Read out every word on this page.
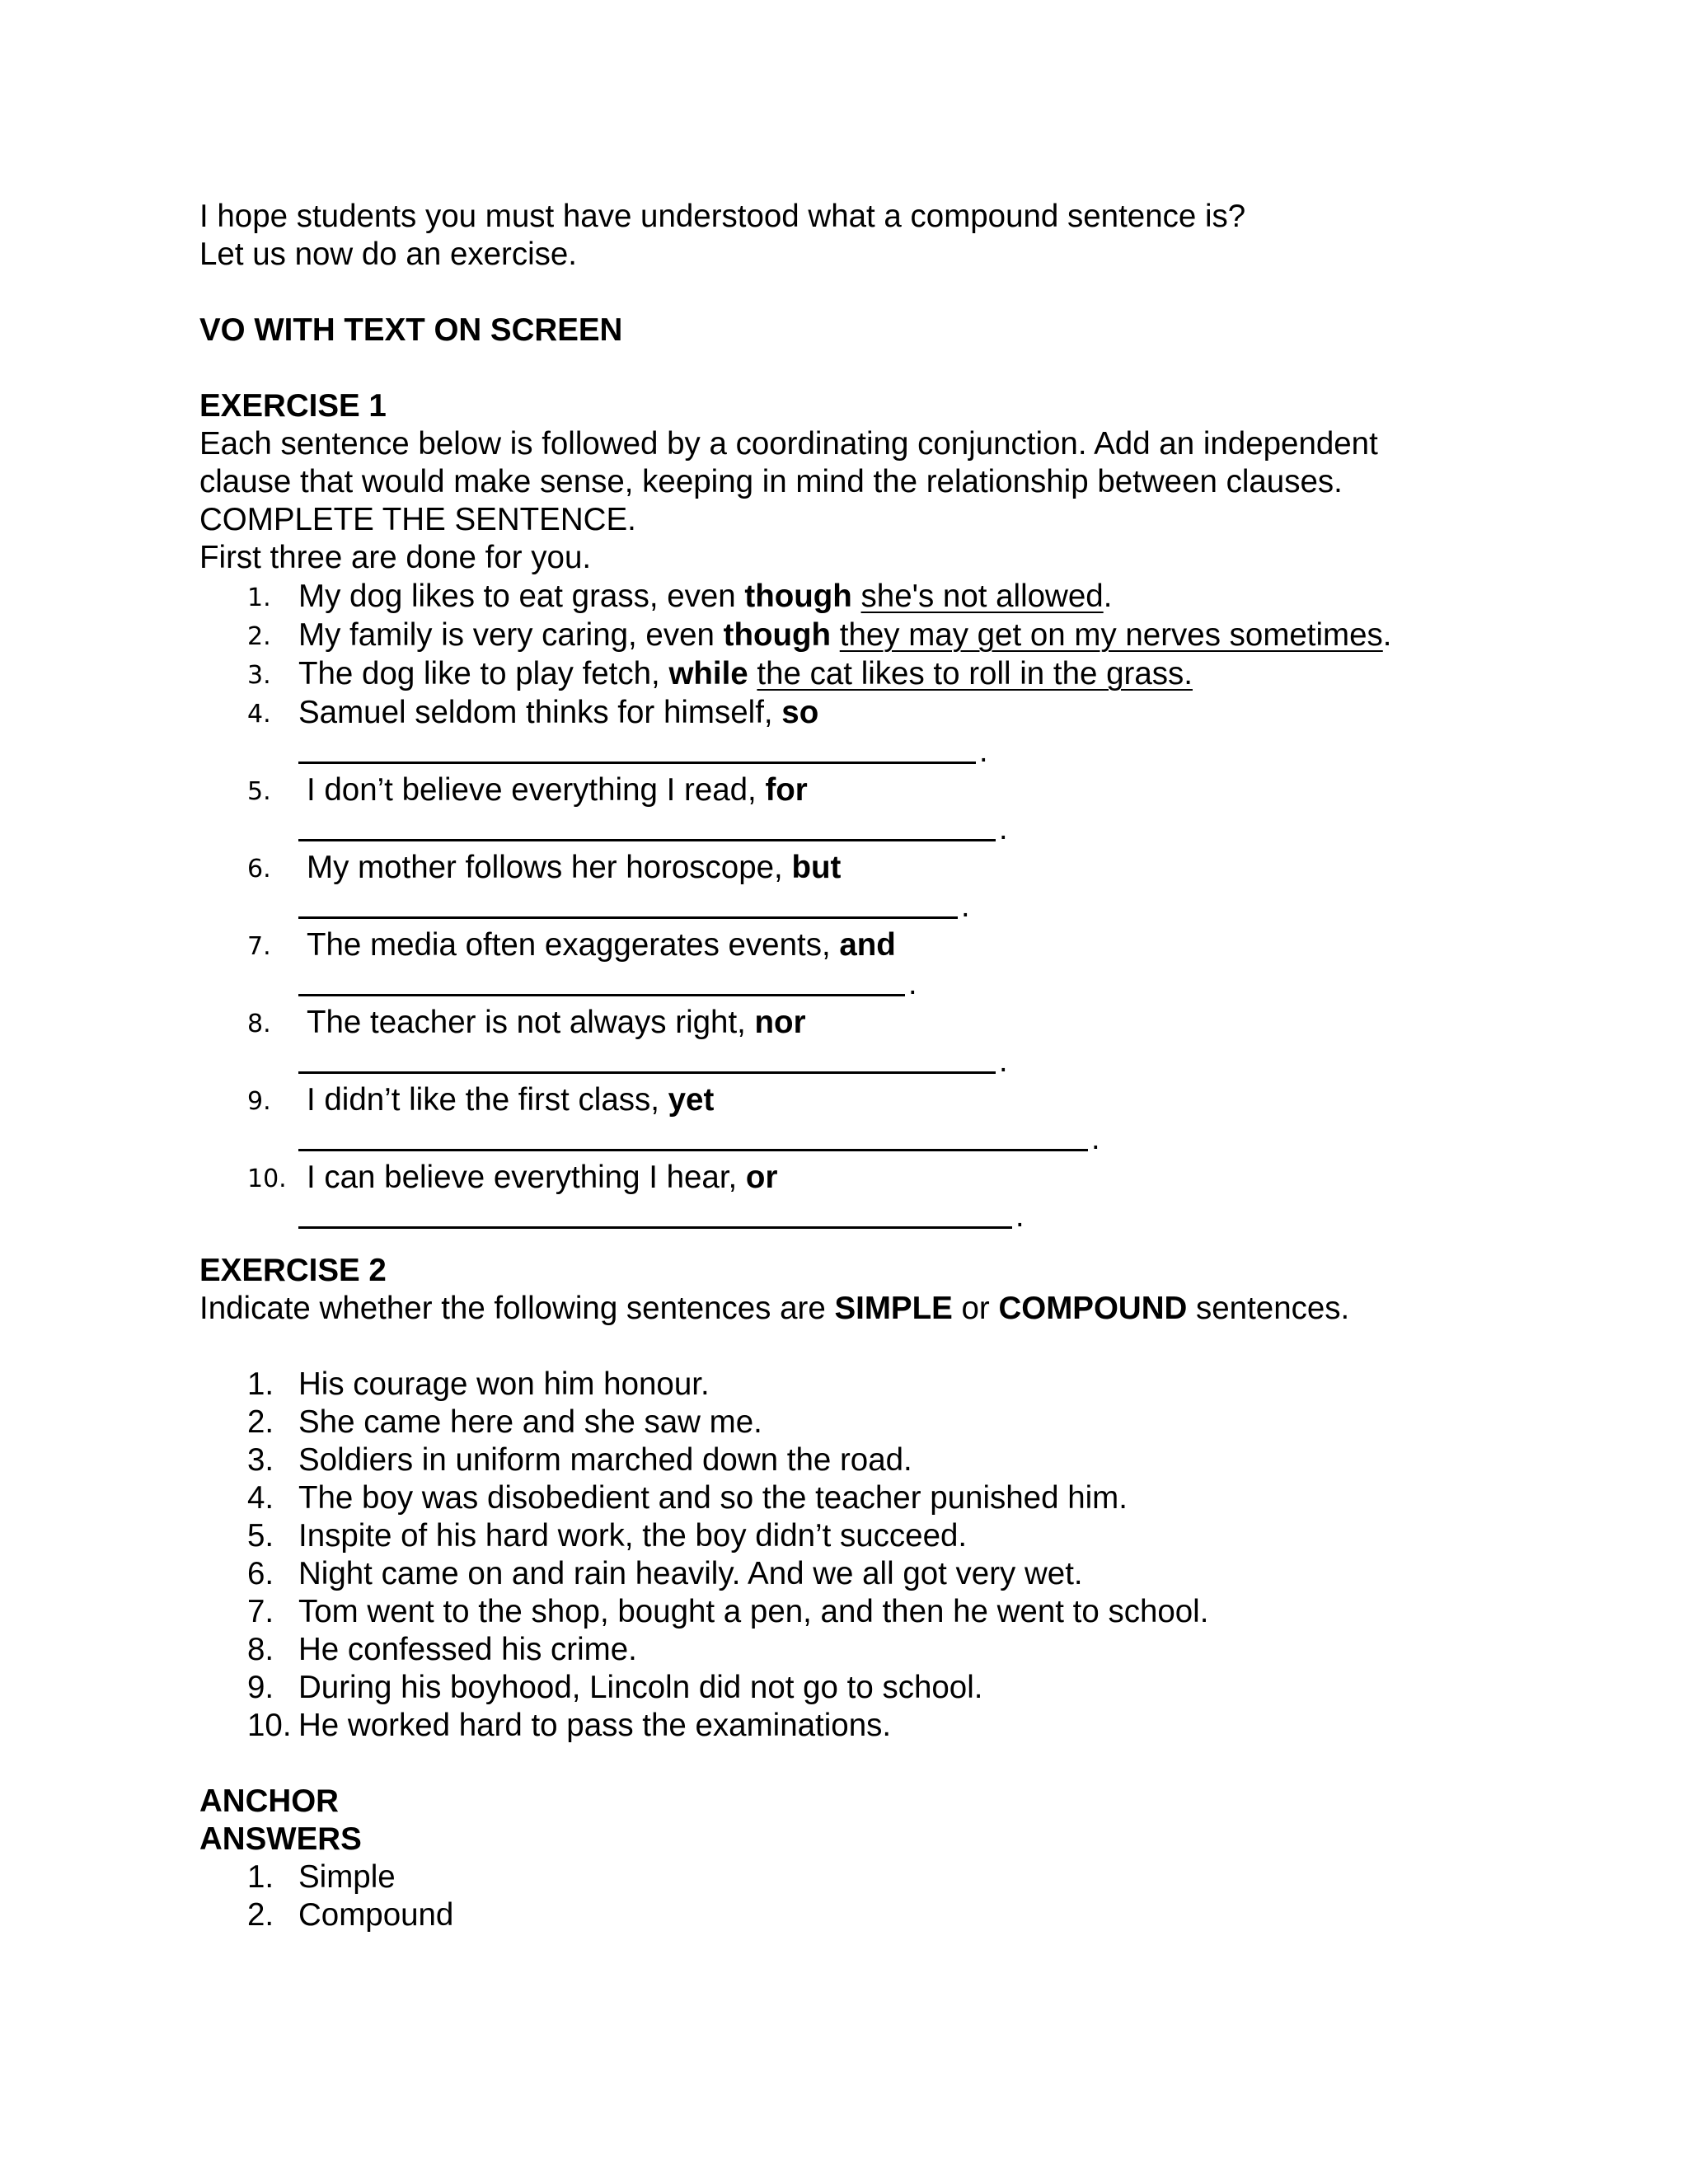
I hope students you must have understood what a compound sentence is?

Let us now do an exercise.

VO WITH TEXT ON SCREEN

EXERCISE 1

Each sentence below is followed by a coordinating conjunction. Add an independent

clause that would make sense, keeping in mind the relationship between clauses.

COMPLETE THE SENTENCE.

First three are done for you.

1. My dog likes to eat grass, even though she's not allowed.
2. My family is very caring, even though they may get on my nerves sometimes.
3. The dog like to play fetch, while the cat likes to roll in the grass.
4. Samuel seldom thinks for himself, so
.
5. I don’t believe everything I read, for
.
6. My mother follows her horoscope, but
.
7. The media often exaggerates events, and
.
8. The teacher is not always right, nor
.
9. I didn’t like the first class, yet
.
10. I can believe everything I hear, or
.

EXERCISE 2

Indicate whether the following sentences are SIMPLE or COMPOUND sentences.

1. His courage won him honour.
2. She came here and she saw me.
3. Soldiers in uniform marched down the road.
4. The boy was disobedient and so the teacher punished him.
5. Inspite of his hard work, the boy didn’t succeed.
6. Night came on and rain heavily. And we all got very wet.
7. Tom went to the shop, bought a pen, and then he went to school.
8. He confessed his crime.
9. During his boyhood, Lincoln did not go to school.
10. He worked hard to pass the examinations.

ANCHOR

ANSWERS

1. Simple
2. Compound
